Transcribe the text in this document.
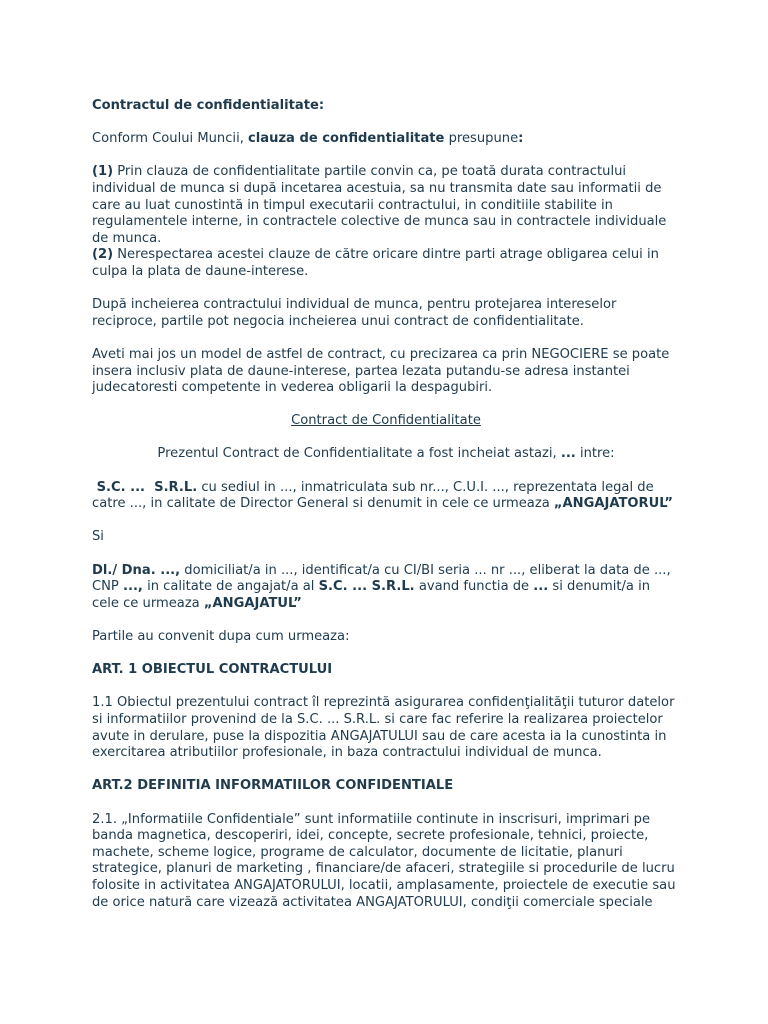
Contractul de confidentialitate:

Conform Coului Muncii, clauza de confidentialitate presupune:

(1) Prin clauza de confidentialitate partile convin ca, pe toată durata contractului individual de munca si după incetarea acestuia, sa nu transmita date sau informatii de care au luat cunostintă in timpul executarii contractului, in conditiile stabilite in regulamentele interne, in contractele colective de munca sau in contractele individuale de munca.

(2) Nerespectarea acestei clauze de către oricare dintre parti atrage obligarea celui in culpa la plata de daune-interese.

După incheierea contractului individual de munca, pentru protejarea intereselor reciproce, partile pot negocia incheierea unui contract de confidentialitate.

Aveti mai jos un model de astfel de contract, cu precizarea ca prin NEGOCIERE se poate insera inclusiv plata de daune-interese, partea lezata putandu-se adresa instantei judecatoresti competente in vederea obligarii la despagubiri.

Contract de Confidentialitate

Prezentul Contract de Confidentialitate a fost incheiat astazi, ... intre:

S.C. ...  S.R.L. cu sediul in ..., inmatriculata sub nr..., C.U.I. ..., reprezentata legal de catre ..., in calitate de Director General si denumit in cele ce urmeaza „ANGAJATORUL”

Si

Dl./ Dna. ..., domiciliat/a in ..., identificat/a cu CI/BI seria ... nr ..., eliberat la data de ..., CNP ..., in calitate de angajat/a al S.C. ... S.R.L. avand functia de ... si denumit/a in cele ce urmeaza „ANGAJATUL”

Partile au convenit dupa cum urmeaza:

ART. 1 OBIECTUL CONTRACTULUI

1.1 Obiectul prezentului contract îl reprezintă asigurarea confidenţialităţii tuturor datelor si informatiilor provenind de la S.C. ... S.R.L. si care fac referire la realizarea proiectelor avute in derulare, puse la dispozitia ANGAJATULUI sau de care acesta ia la cunostinta in exercitarea atributiilor profesionale, in baza contractului individual de munca.

ART.2 DEFINITIA INFORMATIILOR CONFIDENTIALE

2.1. „Informatiile Confidentiale” sunt informatiile continute in inscrisuri, imprimari pe banda magnetica, descoperiri, idei, concepte, secrete profesionale, tehnici, proiecte, machete, scheme logice, programe de calculator, documente de licitatie, planuri strategice, planuri de marketing , financiare/de afaceri, strategiile si procedurile de lucru folosite in activitatea ANGAJATORULUI, locatii, amplasamente, proiectele de executie sau de orice natură care vizează activitatea ANGAJATORULUI, condiţii comerciale speciale
